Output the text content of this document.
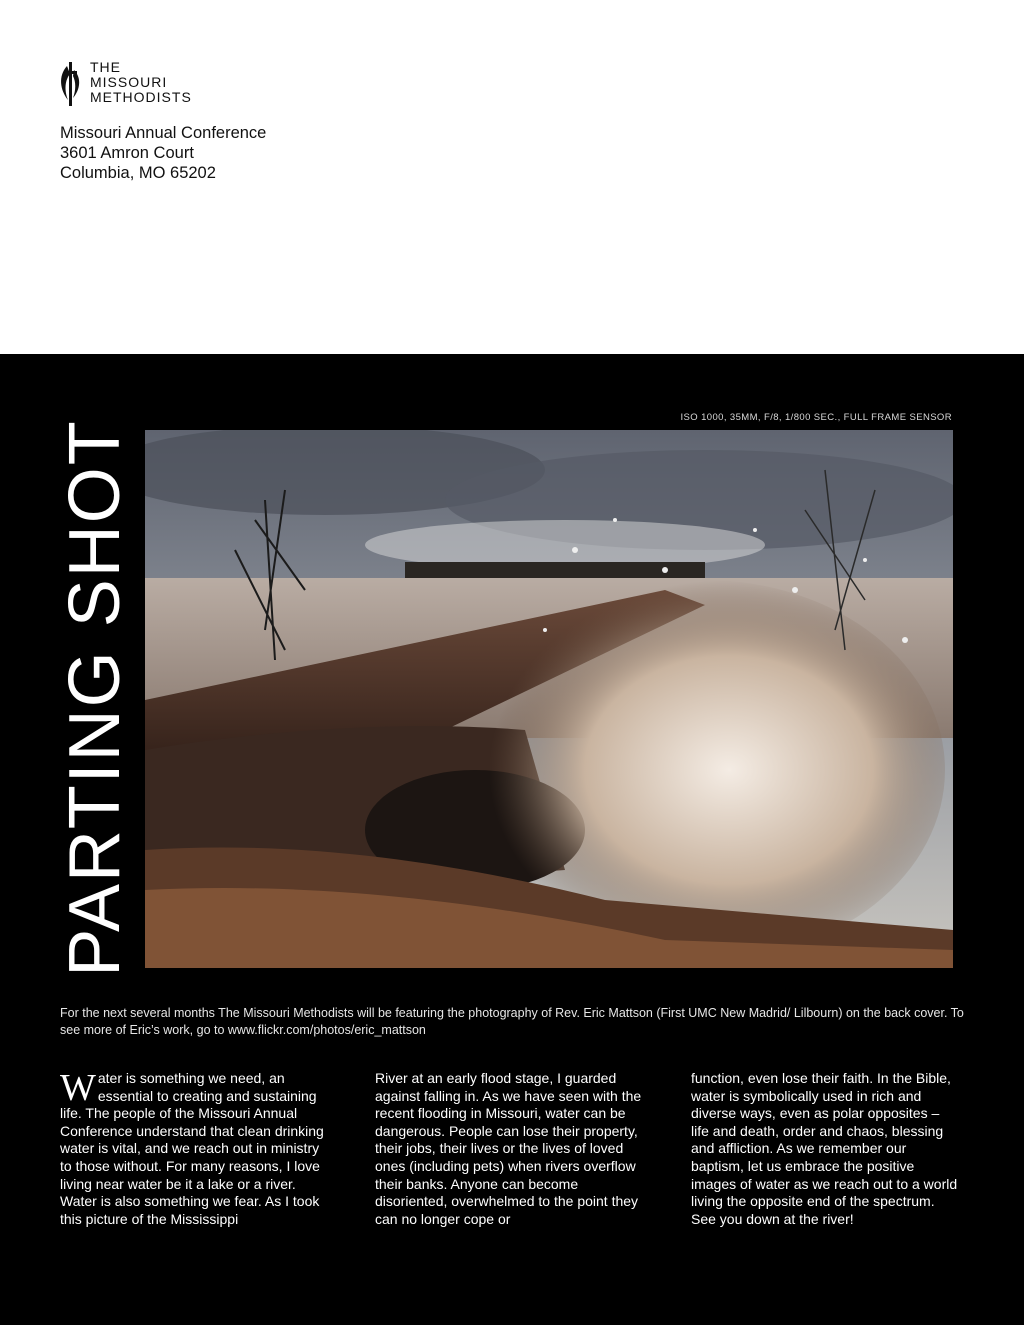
THE
MISSOURI
METHODISTS
Missouri Annual Conference
3601 Amron Court
Columbia, MO 65202
PARTING SHOT
ISO 1000, 35MM, F/8, 1/800 SEC., FULL FRAME SENSOR
For the next several months The Missouri Methodists will be featuring the photography of Rev. Eric Mattson (First UMC New Madrid/ Lilbourn) on the back cover. To see more of Eric’s work, go to www.flickr.com/photos/eric_mattson
Water is something we need, an essential to creating and sustaining life. The people of the Missouri Annual Conference understand that clean drinking water is vital, and we reach out in ministry to those without. For many reasons, I love living near water be it a lake or a river. Water is also something we fear. As I took this picture of the Mississippi
River at an early flood stage, I guarded against falling in. As we have seen with the recent flooding in Missouri, water can be dangerous. People can lose their property, their jobs, their lives or the lives of loved ones (including pets) when rivers overflow their banks. Anyone can become disoriented, overwhelmed to the point they can no longer cope or
function, even lose their faith. In the Bible, water is symbolically used in rich and diverse ways, even as polar opposites – life and death, order and chaos, blessing and affliction. As we remember our baptism, let us embrace the positive images of water as we reach out to a world living the opposite end of the spectrum. See you down at the river!
